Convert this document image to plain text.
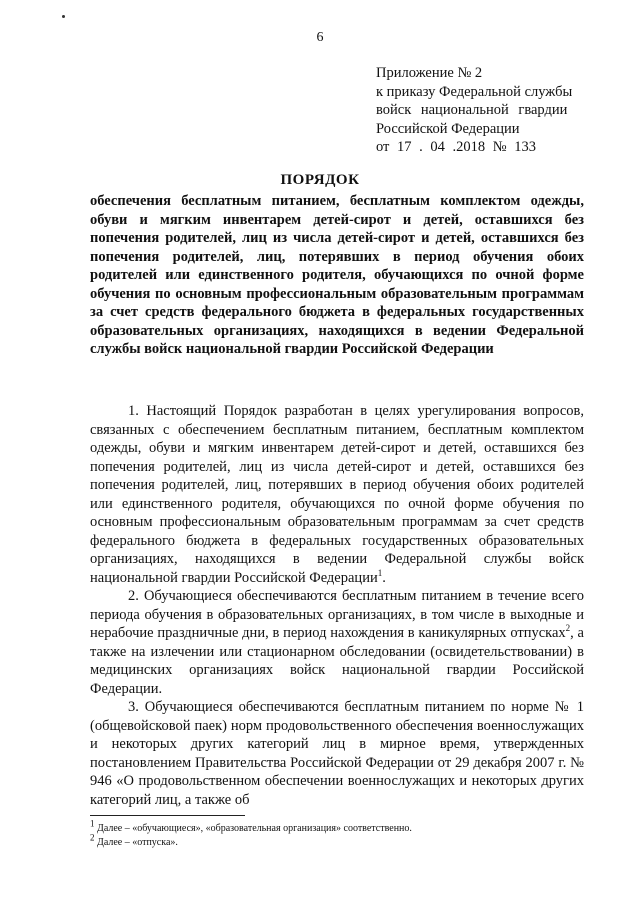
6
Приложение № 2
к приказу Федеральной службы
войск национальной гвардии
Российской Федерации
от 17 . 04 .2018 № 133
ПОРЯДОК
обеспечения бесплатным питанием, бесплатным комплектом одежды, обуви и мягким инвентарем детей-сирот и детей, оставшихся без попечения родителей, лиц из числа детей-сирот и детей, оставшихся без попечения родителей, лиц, потерявших в период обучения обоих родителей или единственного родителя, обучающихся по очной форме обучения по основным профессиональным образовательным программам за счет средств федерального бюджета в федеральных государственных образовательных организациях, находящихся в ведении Федеральной службы войск национальной гвардии Российской Федерации

1. Настоящий Порядок разработан в целях урегулирования вопросов, связанных с обеспечением бесплатным питанием, бесплатным комплектом одежды, обуви и мягким инвентарем детей-сирот и детей, оставшихся без попечения родителей, лиц из числа детей-сирот и детей, оставшихся без попечения родителей, лиц, потерявших в период обучения обоих родителей или единственного родителя, обучающихся по очной форме обучения по основным профессиональным образовательным программам за счет средств федерального бюджета в федеральных государственных образовательных организациях, находящихся в ведении Федеральной службы войск национальной гвардии Российской Федерации$^1$.

2. Обучающиеся обеспечиваются бесплатным питанием в течение всего периода обучения в образовательных организациях, в том числе в выходные и нерабочие праздничные дни, в период нахождения в каникулярных отпусках$^2$, а также на излечении или стационарном обследовании (освидетельствовании) в медицинских организациях войск национальной гвардии Российской Федерации.

3. Обучающиеся обеспечиваются бесплатным питанием по норме № 1 (общевойсковой паек) норм продовольственного обеспечения военнослужащих и некоторых других категорий лиц в мирное время, утвержденных постановлением Правительства Российской Федерации от 29 декабря 2007 г. № 946 «О продовольственном обеспечении военнослужащих и некоторых других категорий лиц, а также об

$^1$ Далее – «обучающиеся», «образовательная организация» соответственно.
$^2$ Далее – «отпуска».
